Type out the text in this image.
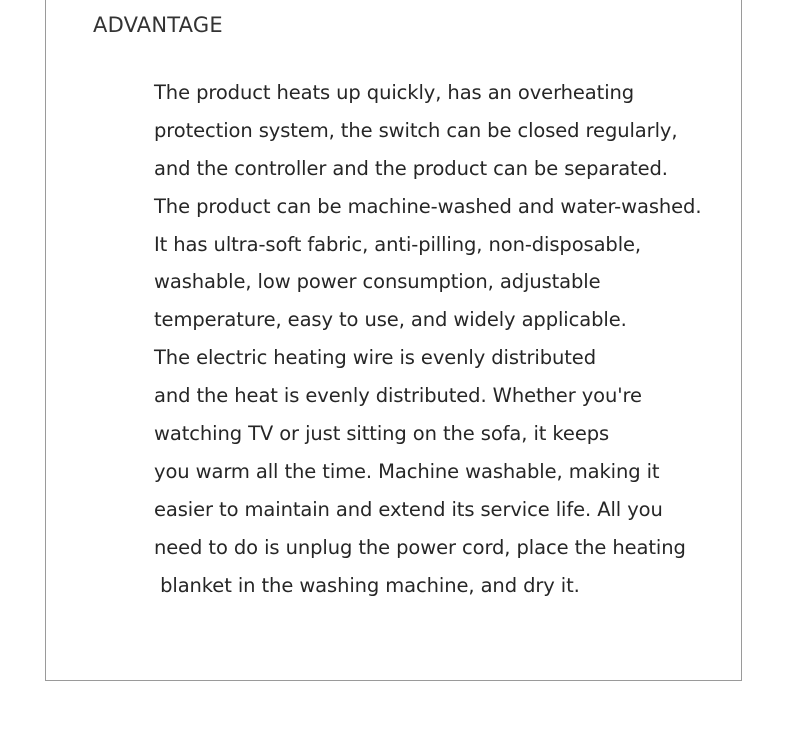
ADVANTAGE
The product heats up quickly, has an overheating
protection system, the switch can be closed regularly,
and the controller and the product can be separated.
The product can be machine-washed and water-washed.
It has ultra-soft fabric, anti-pilling, non-disposable,
washable, low power consumption, adjustable
temperature, easy to use, and widely applicable.
The electric heating wire is evenly distributed
and the heat is evenly distributed. Whether you're
watching TV or just sitting on the sofa, it keeps
you warm all the time. Machine washable, making it
easier to maintain and extend its service life. All you
need to do is unplug the power cord, place the heating
blanket in the washing machine, and dry it.
